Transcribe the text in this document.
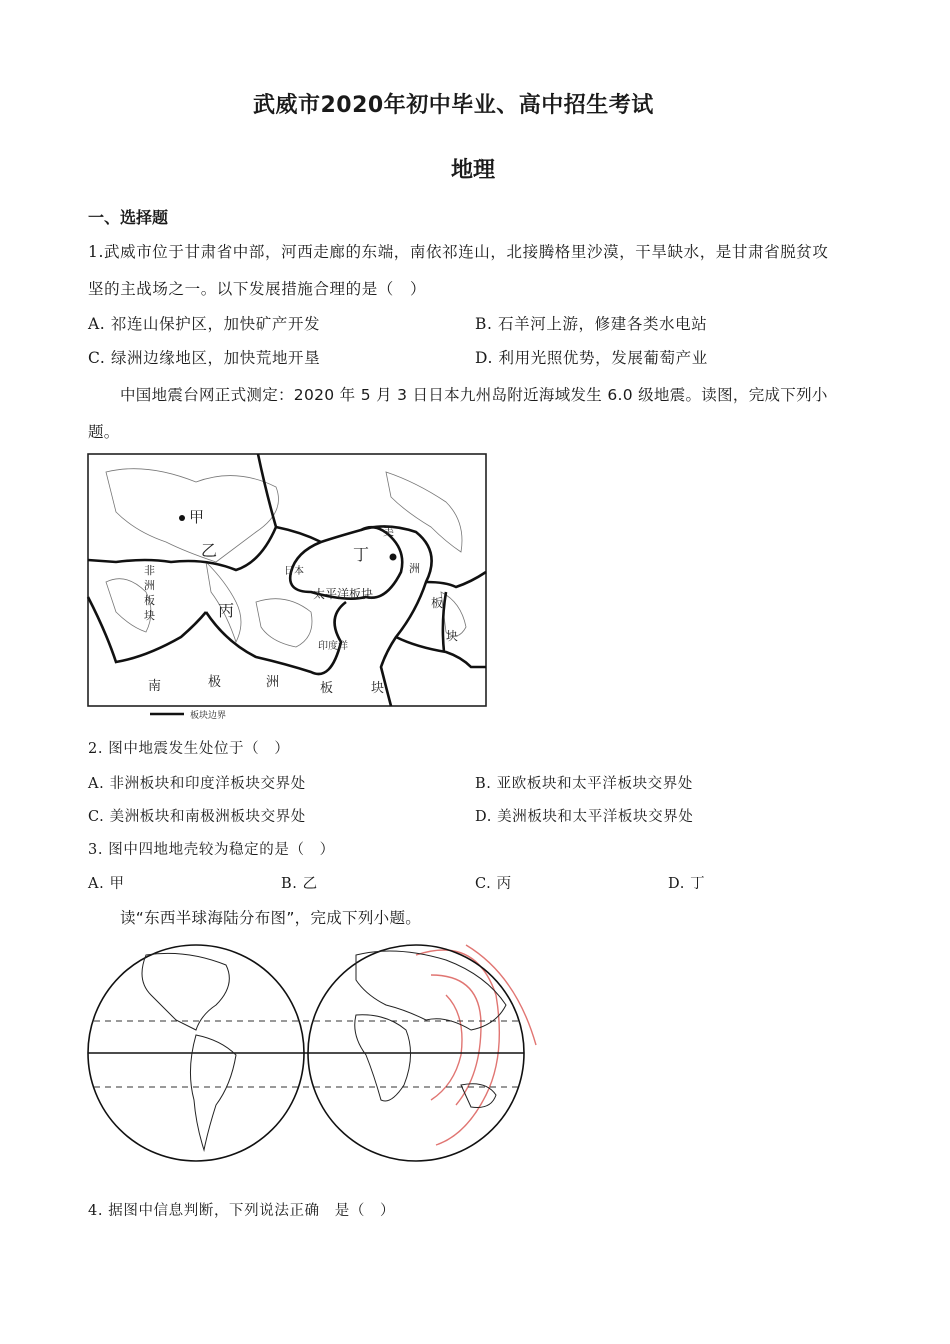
武威市2020年初中毕业、高中招生考试
地理
一、选择题
1.武威市位于甘肃省中部，河西走廊的东端，南依祁连山，北接腾格里沙漠，干旱缺水，是甘肃省脱贫攻
坚的主战场之一。以下发展措施合理的是（　）
A. 祁连山保护区，加快矿产开发	B. 石羊河上游，修建各类水电站
C. 绿洲边缘地区，加快荒地开垦	D. 利用光照优势，发展葡萄产业
中国地震台网正式测定：2020 年 5 月 3 日日本九州岛附近海域发生 6.0 级地震。读图，完成下列小
题。
甲
乙
丙
丁
日本
太平洋板块
印度洋
美
洲
非
洲
板
块
板
块
南	极	洲	板	块
板块边界
2. 图中地震发生处位于（　）
A. 非洲板块和印度洋板块交界处	B. 亚欧板块和太平洋板块交界处
C. 美洲板块和南极洲板块交界处	D. 美洲板块和太平洋板块交界处
3. 图中四地地壳较为稳定的是（　）
A. 甲	B. 乙	C. 丙	D. 丁
读“东西半球海陆分布图”，完成下列小题。
4. 据图中信息判断，下列说法正确　是（　）
